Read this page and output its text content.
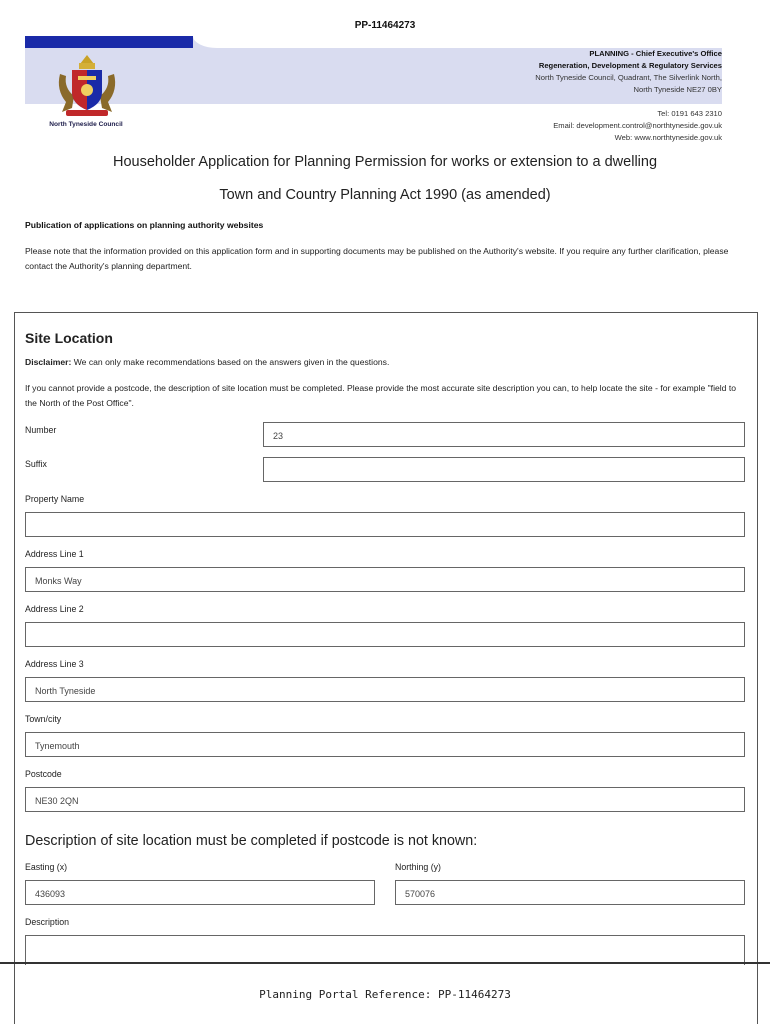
PP-11464273
North Tyneside Council
PLANNING - Chief Executive's Office
Regeneration, Development & Regulatory Services
North Tyneside Council, Quadrant, The Silverlink North,
North Tyneside NE27 0BY
Tel: 0191 643 2310
Email: development.control@northtyneside.gov.uk
Web: www.northtyneside.gov.uk
Householder Application for Planning Permission for works or extension to a dwelling
Town and Country Planning Act 1990 (as amended)
Publication of applications on planning authority websites
Please note that the information provided on this application form and in supporting documents may be published on the Authority's website. If you require any further clarification, please contact the Authority's planning department.
Site Location
Disclaimer: We can only make recommendations based on the answers given in the questions.
If you cannot provide a postcode, the description of site location must be completed. Please provide the most accurate site description you can, to help locate the site - for example "field to the North of the Post Office".
Number
23
Suffix
Property Name
Address Line 1
Monks Way
Address Line 2
Address Line 3
North Tyneside
Town/city
Tynemouth
Postcode
NE30 2QN
Description of site location must be completed if postcode is not known:
Easting (x)
436093
Northing (y)
570076
Description
Planning Portal Reference: PP-11464273
